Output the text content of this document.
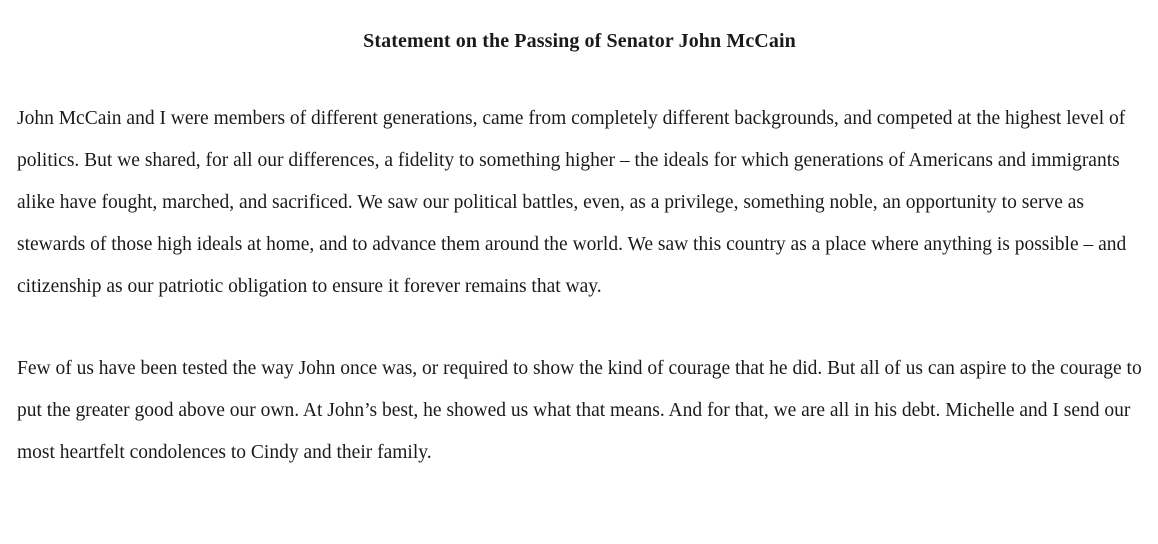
Statement on the Passing of Senator John McCain

John McCain and I were members of different generations, came from completely different backgrounds, and competed at the highest level of politics. But we shared, for all our differences, a fidelity to something higher – the ideals for which generations of Americans and immigrants alike have fought, marched, and sacrificed. We saw our political battles, even, as a privilege, something noble, an opportunity to serve as stewards of those high ideals at home, and to advance them around the world. We saw this country as a place where anything is possible – and citizenship as our patriotic obligation to ensure it forever remains that way.

Few of us have been tested the way John once was, or required to show the kind of courage that he did. But all of us can aspire to the courage to put the greater good above our own. At John’s best, he showed us what that means. And for that, we are all in his debt. Michelle and I send our most heartfelt condolences to Cindy and their family.
